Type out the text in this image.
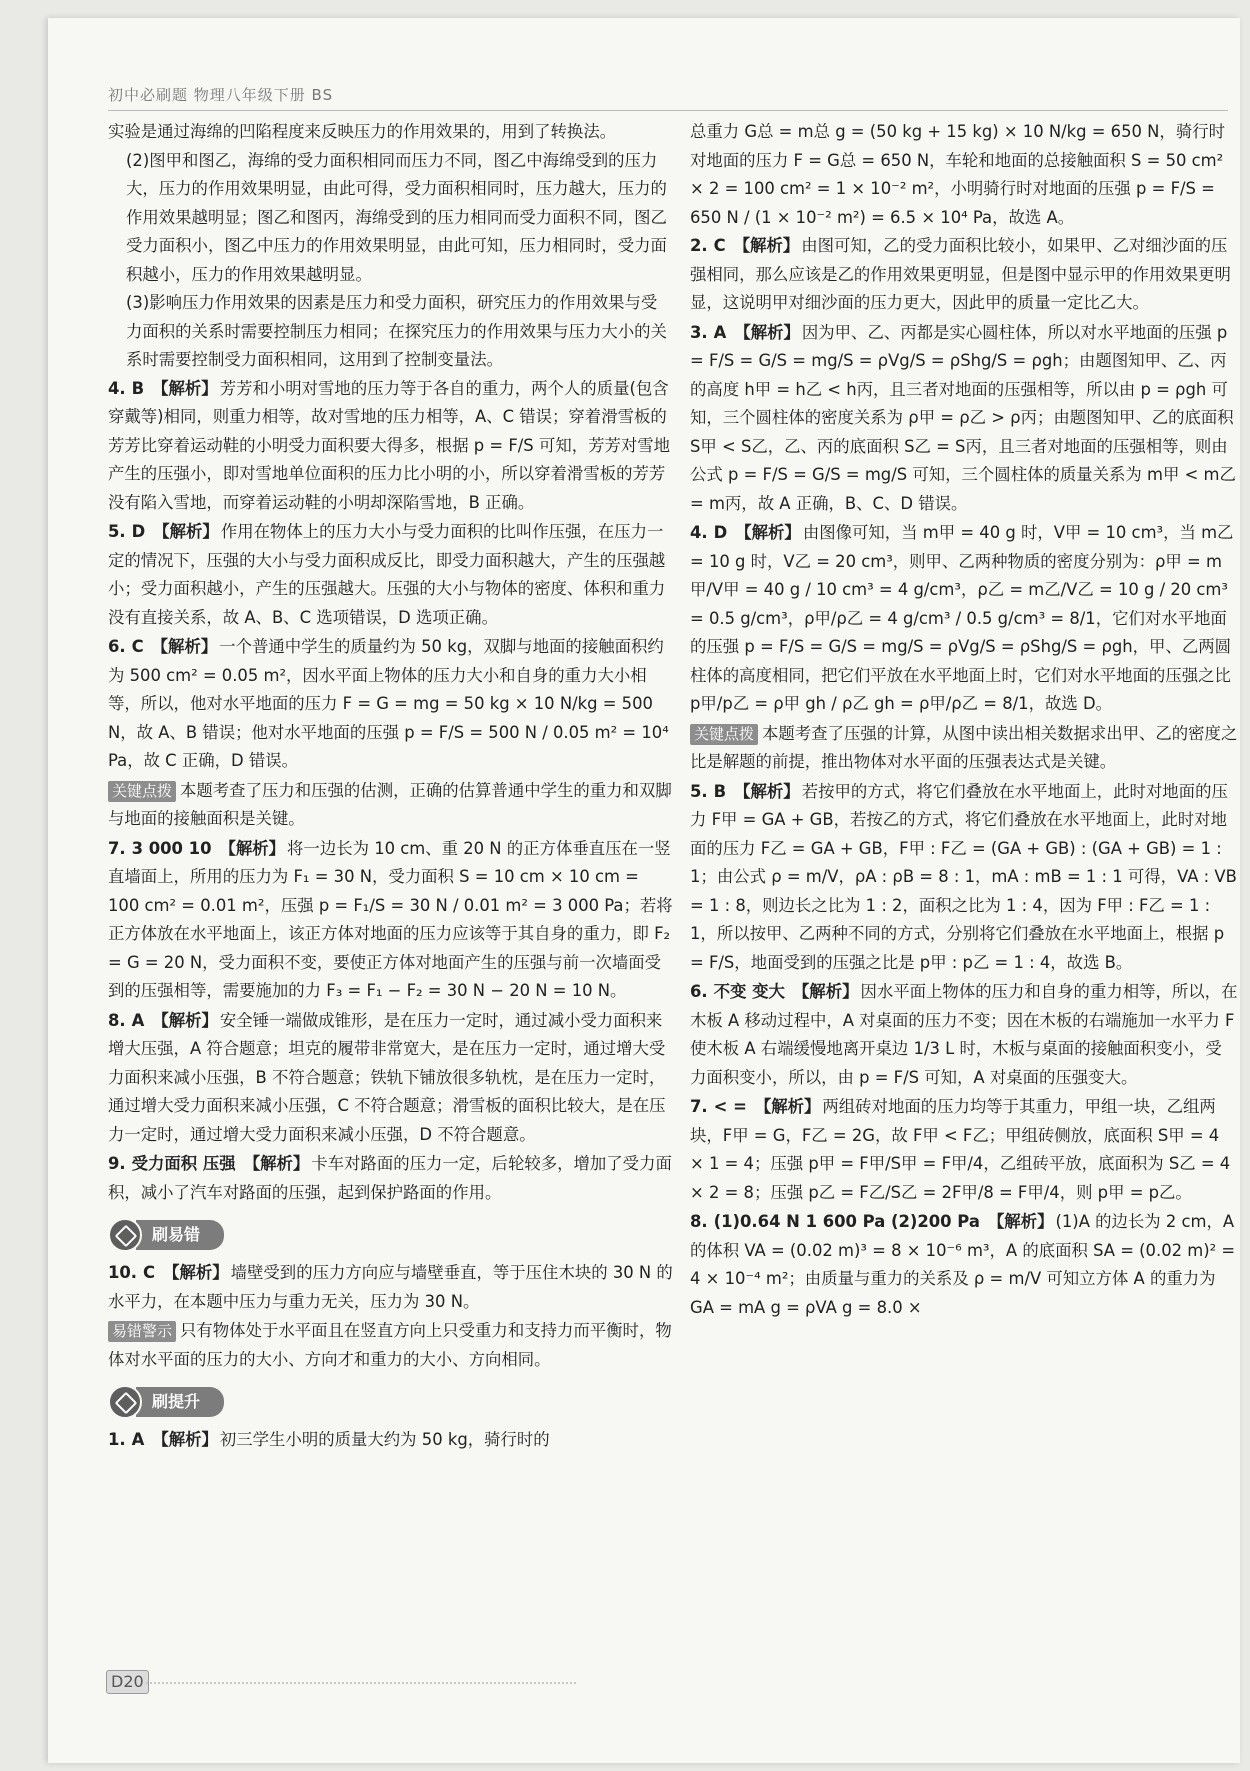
初中必刷题 物理八年级下册 BS

实验是通过海绵的凹陷程度来反映压力的作用效果的，用到了转换法。

(2)图甲和图乙，海绵的受力面积相同而压力不同，图乙中海绵受到的压力大，压力的作用效果明显，由此可得，受力面积相同时，压力越大，压力的作用效果越明显；图乙和图丙，海绵受到的压力相同而受力面积不同，图乙受力面积小，图乙中压力的作用效果明显，由此可知，压力相同时，受力面积越小，压力的作用效果越明显。

(3)影响压力作用效果的因素是压力和受力面积，研究压力的作用效果与受力面积的关系时需要控制压力相同；在探究压力的作用效果与压力大小的关系时需要控制受力面积相同，这用到了控制变量法。

4. B 【解析】 芳芳和小明对雪地的压力等于各自的重力，两个人的质量(包含穿戴等)相同，则重力相等，故对雪地的压力相等，A、C 错误；穿着滑雪板的芳芳比穿着运动鞋的小明受力面积要大得多，根据 p = F/S 可知，芳芳对雪地产生的压强小，即对雪地单位面积的压力比小明的小，所以穿着滑雪板的芳芳没有陷入雪地，而穿着运动鞋的小明却深陷雪地，B 正确。

5. D 【解析】 作用在物体上的压力大小与受力面积的比叫作压强，在压力一定的情况下，压强的大小与受力面积成反比，即受力面积越大，产生的压强越小；受力面积越小，产生的压强越大。压强的大小与物体的密度、体积和重力没有直接关系，故 A、B、C 选项错误，D 选项正确。

6. C 【解析】 一个普通中学生的质量约为 50 kg，双脚与地面的接触面积约为 500 cm² = 0.05 m²，因水平面上物体的压力大小和自身的重力大小相等，所以，他对水平地面的压力 F = G = mg = 50 kg × 10 N/kg = 500 N，故 A、B 错误；他对水平地面的压强 p = F/S = 500 N / 0.05 m² = 10⁴ Pa，故 C 正确，D 错误。

关键点拨 本题考查了压力和压强的估测，正确的估算普通中学生的重力和双脚与地面的接触面积是关键。

7. 3 000 10 【解析】 将一边长为 10 cm、重 20 N 的正方体垂直压在一竖直墙面上，所用的压力为 F₁ = 30 N，受力面积 S = 10 cm × 10 cm = 100 cm² = 0.01 m²，压强 p = F₁/S = 30 N / 0.01 m² = 3 000 Pa；若将正方体放在水平地面上，该正方体对地面的压力应该等于其自身的重力，即 F₂ = G = 20 N，受力面积不变，要使正方体对地面产生的压强与前一次墙面受到的压强相等，需要施加的力 F₃ = F₁ − F₂ = 30 N − 20 N = 10 N。

8. A 【解析】 安全锤一端做成锥形，是在压力一定时，通过减小受力面积来增大压强，A 符合题意；坦克的履带非常宽大，是在压力一定时，通过增大受力面积来减小压强，B 不符合题意；铁轨下铺放很多轨枕，是在压力一定时，通过增大受力面积来减小压强，C 不符合题意；滑雪板的面积比较大，是在压力一定时，通过增大受力面积来减小压强，D 不符合题意。

9. 受力面积 压强 【解析】 卡车对路面的压力一定，后轮较多，增加了受力面积，减小了汽车对路面的压强，起到保护路面的作用。

刷易错

10. C 【解析】 墙壁受到的压力方向应与墙壁垂直，等于压住木块的 30 N 的水平力，在本题中压力与重力无关，压力为 30 N。

易错警示 只有物体处于水平面且在竖直方向上只受重力和支持力而平衡时，物体对水平面的压力的大小、方向才和重力的大小、方向相同。

刷提升

1. A 【解析】 初三学生小明的质量大约为 50 kg，骑行时的

总重力 G总 = m总 g = (50 kg + 15 kg) × 10 N/kg = 650 N，骑行时对地面的压力 F = G总 = 650 N，车轮和地面的总接触面积 S = 50 cm² × 2 = 100 cm² = 1 × 10⁻² m²，小明骑行时对地面的压强 p = F/S = 650 N / (1 × 10⁻² m²) = 6.5 × 10⁴ Pa，故选 A。

2. C 【解析】 由图可知，乙的受力面积比较小，如果甲、乙对细沙面的压强相同，那么应该是乙的作用效果更明显，但是图中显示甲的作用效果更明显，这说明甲对细沙面的压力更大，因此甲的质量一定比乙大。

3. A 【解析】 因为甲、乙、丙都是实心圆柱体，所以对水平地面的压强 p = F/S = G/S = mg/S = ρVg/S = ρShg/S = ρgh；由题图知甲、乙、丙的高度 h甲 = h乙 < h丙，且三者对地面的压强相等，所以由 p = ρgh 可知，三个圆柱体的密度关系为 ρ甲 = ρ乙 > ρ丙；由题图知甲、乙的底面积 S甲 < S乙，乙、丙的底面积 S乙 = S丙，且三者对地面的压强相等，则由公式 p = F/S = G/S = mg/S 可知，三个圆柱体的质量关系为 m甲 < m乙 = m丙，故 A 正确，B、C、D 错误。

4. D 【解析】 由图像可知，当 m甲 = 40 g 时，V甲 = 10 cm³，当 m乙 = 10 g 时，V乙 = 20 cm³，则甲、乙两种物质的密度分别为：ρ甲 = m甲/V甲 = 40 g / 10 cm³ = 4 g/cm³，ρ乙 = m乙/V乙 = 10 g / 20 cm³ = 0.5 g/cm³，ρ甲/ρ乙 = 4 g/cm³ / 0.5 g/cm³ = 8/1，它们对水平地面的压强 p = F/S = G/S = mg/S = ρVg/S = ρShg/S = ρgh，甲、乙两圆柱体的高度相同，把它们平放在水平地面上时，它们对水平地面的压强之比 p甲/p乙 = ρ甲 gh / ρ乙 gh = ρ甲/ρ乙 = 8/1，故选 D。

关键点拨 本题考查了压强的计算，从图中读出相关数据求出甲、乙的密度之比是解题的前提，推出物体对水平面的压强表达式是关键。

5. B 【解析】 若按甲的方式，将它们叠放在水平地面上，此时对地面的压力 F甲 = GA + GB，若按乙的方式，将它们叠放在水平地面上，此时对地面的压力 F乙 = GA + GB，F甲 : F乙 = (GA + GB) : (GA + GB) = 1 : 1；由公式 ρ = m/V，ρA : ρB = 8 : 1，mA : mB = 1 : 1 可得，VA : VB = 1 : 8，则边长之比为 1 : 2，面积之比为 1 : 4，因为 F甲 : F乙 = 1 : 1，所以按甲、乙两种不同的方式，分别将它们叠放在水平地面上，根据 p = F/S，地面受到的压强之比是 p甲 : p乙 = 1 : 4，故选 B。

6. 不变 变大 【解析】 因水平面上物体的压力和自身的重力相等，所以，在木板 A 移动过程中，A 对桌面的压力不变；因在木板的右端施加一水平力 F 使木板 A 右端缓慢地离开桌边 1/3 L 时，木板与桌面的接触面积变小，受力面积变小，所以，由 p = F/S 可知，A 对桌面的压强变大。

7. < = 【解析】 两组砖对地面的压力均等于其重力，甲组一块，乙组两块，F甲 = G，F乙 = 2G，故 F甲 < F乙；甲组砖侧放，底面积 S甲 = 4 × 1 = 4；压强 p甲 = F甲/S甲 = F甲/4，乙组砖平放，底面积为 S乙 = 4 × 2 = 8；压强 p乙 = F乙/S乙 = 2F甲/8 = F甲/4，则 p甲 = p乙。

8. (1)0.64 N 1 600 Pa (2)200 Pa 【解析】 (1)A 的边长为 2 cm，A 的体积 VA = (0.02 m)³ = 8 × 10⁻⁶ m³，A 的底面积 SA = (0.02 m)² = 4 × 10⁻⁴ m²；由质量与重力的关系及 ρ = m/V 可知立方体 A 的重力为 GA = mA g = ρVA g = 8.0 ×

D20
